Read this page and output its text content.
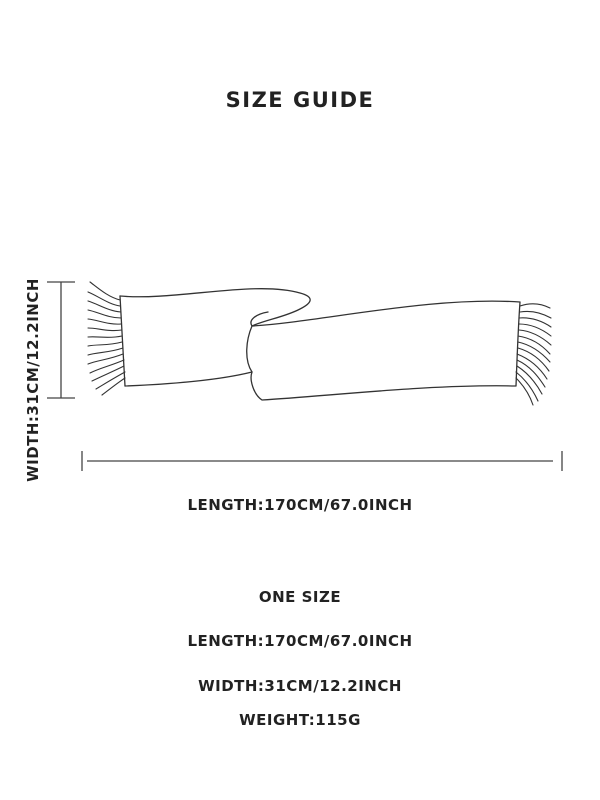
SIZE GUIDE
WIDTH:31CM/12.2INCH
LENGTH:170CM/67.0INCH
ONE SIZE
LENGTH:170CM/67.0INCH
WIDTH:31CM/12.2INCH
WEIGHT:115G
